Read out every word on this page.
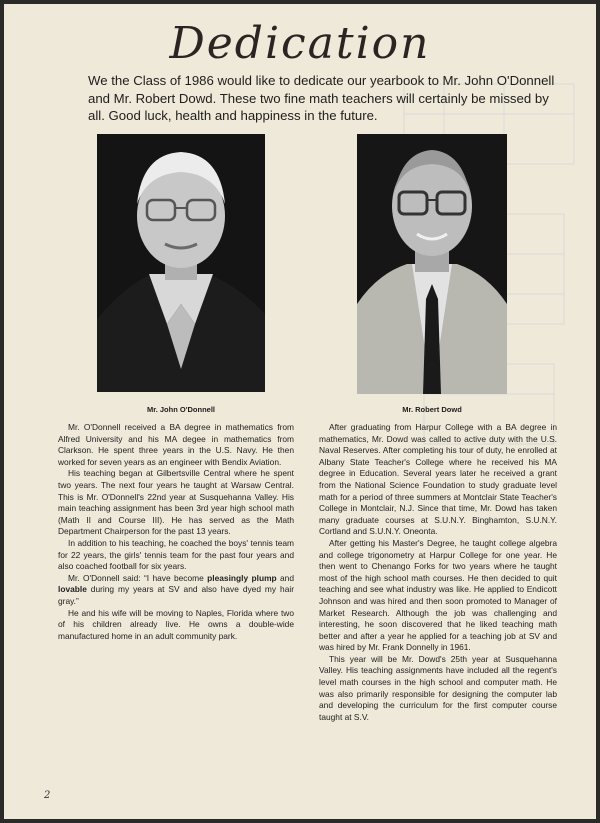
Dedication
We the Class of 1986 would like to dedicate our yearbook to Mr. John O'Donnell and Mr. Robert Dowd. These two fine math teachers will certainly be missed by all. Good luck, health and happiness in the future.
Mr. John O'Donnell	Mr. Robert Dowd

Mr. O'Donnell received a BA degree in mathematics from Alfred University and his MA degee in mathematics from Clarkson. He spent three years in the U.S. Navy. He then worked for seven years as an engineer with Bendix Aviation.

His teaching began at Gilbertsville Central where he spent two years. The next four years he taught at Warsaw Central. This is Mr. O'Donnell's 22nd year at Susquehanna Valley. His main teaching assignment has been 3rd year high school math (Math II and Course III). He has served as the Math Department Chairperson for the past 13 years.

In addition to his teaching, he coached the boys' tennis team for 22 years, the girls' tennis team for the past four years and also coached football for six years.

Mr. O'Donnell said: “I have become pleasingly plump and lovable during my years at SV and also have dyed my hair gray.”

He and his wife will be moving to Naples, Florida where two of his children already live. He owns a double-wide manufactured home in an adult community park.

After graduating from Harpur College with a BA degree in mathematics, Mr. Dowd was called to active duty with the U.S. Naval Reserves. After completing his tour of duty, he enrolled at Albany State Teacher's College where he received his MA degree in Education. Several years later he received a grant from the National Science Foundation to study graduate level math for a period of three summers at Montclair State Teacher's College in Montclair, N.J. Since that time, Mr. Dowd has taken many graduate courses at S.U.N.Y. Binghamton, S.U.N.Y. Cortland and S.U.N.Y. Oneonta.

After getting his Master's Degree, he taught college algebra and college trigonometry at Harpur College for one year. He then went to Chenango Forks for two years where he taught most of the high school math courses. He then decided to quit teaching and see what industry was like. He applied to Endicott Johnson and was hired and then soon promoted to Manager of Market Research. Although the job was challenging and interesting, he soon discovered that he liked teaching math better and after a year he applied for a teaching job at SV and was hired by Mr. Frank Donnelly in 1961.

This year will be Mr. Dowd's 25th year at Susquehanna Valley. His teaching assignments have included all the regent's level math courses in the high school and computer math. He was also primarily responsible for designing the computer lab and developing the curriculum for the first computer course taught at S.V.

2
